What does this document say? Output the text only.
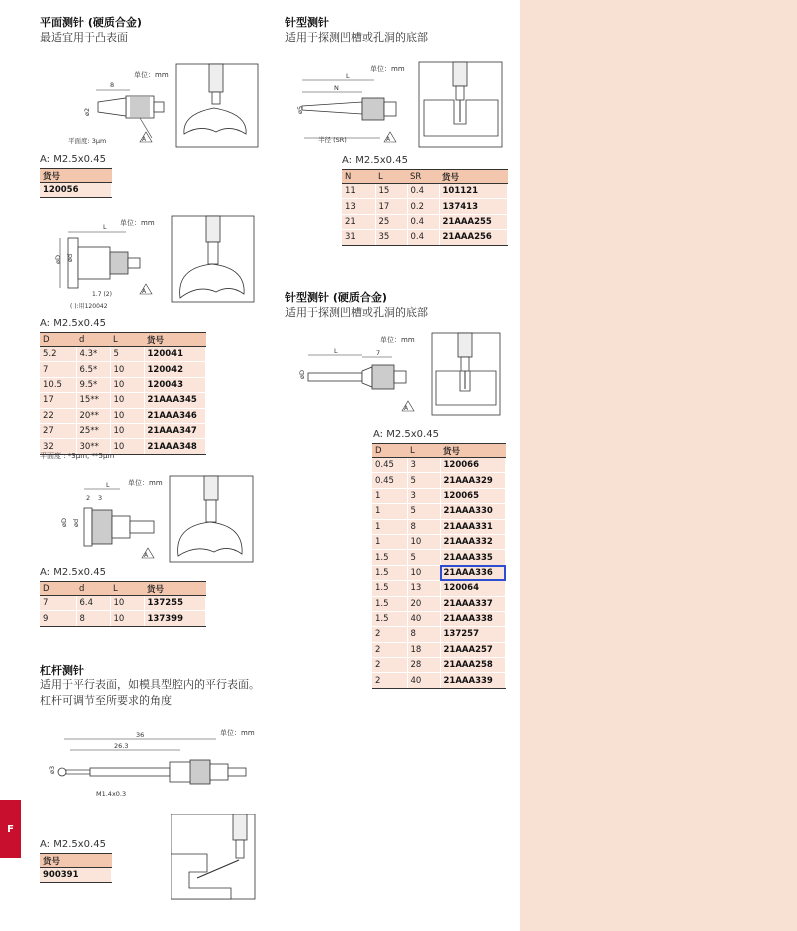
F
平面测针 (硬质合金)
最适宜用于凸表面
单位：mm
8
ø2
平面度: 3μm	A
A: M2.5x0.45
货号
120056
单位：mm
L
øD ød
1.7 (2)
( ):用120042
A
A: M2.5x0.45
D	d	L	货号
5.2	4.3*	5	120041
7	6.5*	10	120042
10.5	9.5*	10	120043
17	15**	10	21AAA345
22	20**	10	21AAA346
27	25**	10	21AAA347
32	30**	10	21AAA348
平面度 : *3μm, **5μm
单位：mm
L
2 3
øD ød
A
A: M2.5x0.45
D	d	L	货号
7	6.4	10	137255
9	8	10	137399
杠杆测针
适用于平行表面，如模具型腔内的平行表面。杠杆可调节至所要求的角度
单位：mm
36
26.3
ø3
M1.4x0.3
A: M2.5x0.45
货号
900391
针型测针
适用于探测凹槽或孔洞的底部
单位：mm
L
N
ø5
半径 (SR)	A
A: M2.5x0.45
N	L	SR	货号
11	15	0.4	101121
13	17	0.2	137413
21	25	0.4	21AAA255
31	35	0.4	21AAA256
针型测针 (硬质合金)
适用于探测凹槽或孔洞的底部
单位：mm
L	7
øD
A
A: M2.5x0.45
D	L	货号
0.45	3	120066
0.45	5	21AAA329
1	3	120065
1	5	21AAA330
1	8	21AAA331
1	10	21AAA332
1.5	5	21AAA335
1.5	10	21AAA336
1.5	13	120064
1.5	20	21AAA337
1.5	40	21AAA338
2	8	137257
2	18	21AAA257
2	28	21AAA258
2	40	21AAA339
